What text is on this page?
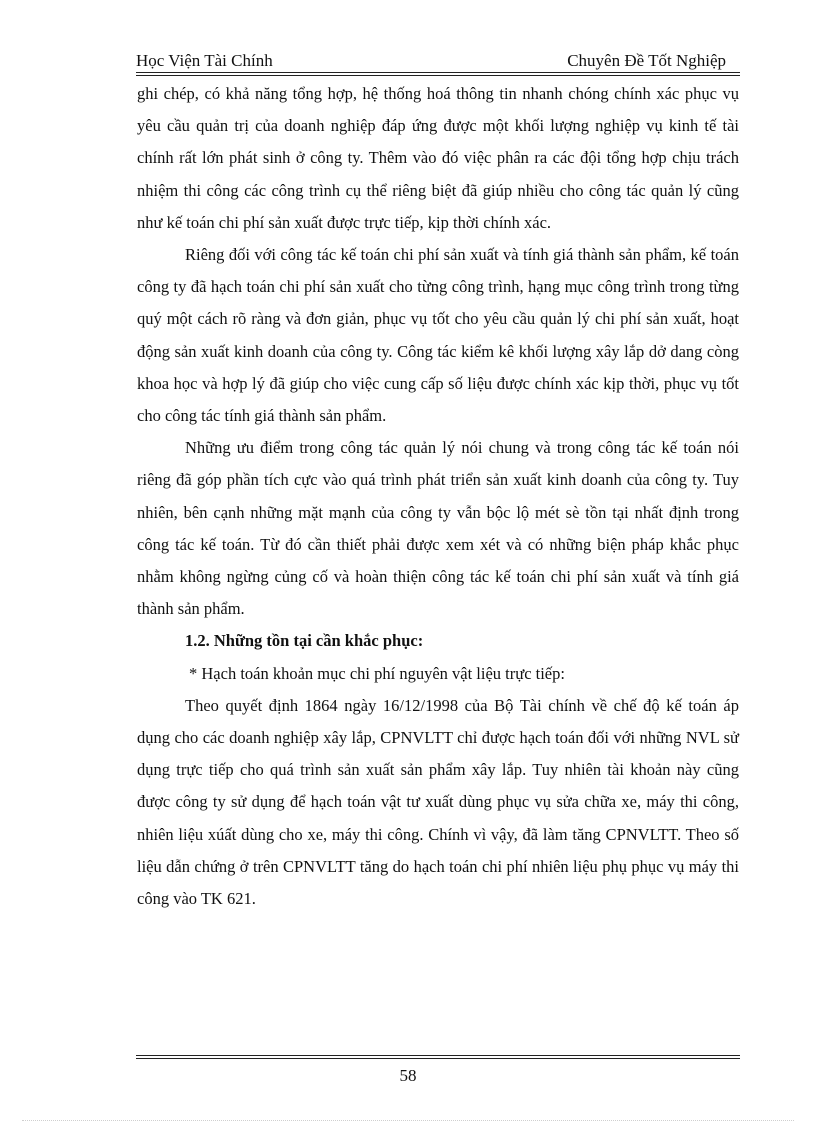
Học Viện Tài Chính	Chuyên Đề Tốt Nghiệp

ghi chép, có khả năng tổng hợp, hệ thống hoá thông tin nhanh chóng chính xác phục vụ yêu cầu quản trị của doanh nghiệp đáp ứng được một khối lượng nghiệp vụ kinh tế tài chính rất lớn phát sinh ở công ty. Thêm vào đó việc phân ra các đội tổng hợp chịu trách nhiệm thi công các công trình cụ thể riêng biệt đã giúp nhiều cho công tác quản lý cũng như kế toán chi phí sản xuất được trực tiếp, kịp thời chính xác.

Riêng đối với công tác kế toán chi phí sản xuất và tính giá thành sản phẩm, kế toán công ty đã hạch toán chi phí sản xuất cho từng công trình, hạng mục công trình trong từng quý một cách rõ ràng và đơn giản, phục vụ tốt cho yêu cầu quản lý chi phí sản xuất, hoạt động sản xuất kinh doanh của công ty. Công tác kiểm kê khối lượng xây lắp dở dang còng khoa học và hợp lý đã giúp cho việc cung cấp số liệu được chính xác kịp thời, phục vụ tốt cho công tác tính giá thành sản phẩm.

Những ưu điểm trong công tác quản lý nói chung và trong công tác kế toán nói riêng đã góp phần tích cực vào quá trình phát triển sản xuất kinh doanh của công ty. Tuy nhiên, bên cạnh những mặt mạnh của công ty vẫn bộc lộ mét sè tồn tại nhất định trong công tác kế toán. Từ đó cần thiết phải được xem xét và có những biện pháp khắc phục nhằm không ngừng củng cố và hoàn thiện công tác kế toán chi phí sản xuất và tính giá thành sản phẩm.

1.2. Những tồn tại cần khắc phục:

* Hạch toán khoản mục chi phí nguyên vật liệu trực tiếp:

Theo quyết định 1864 ngày 16/12/1998 của Bộ Tài chính về chế độ kế toán áp dụng cho các doanh nghiệp xây lắp, CPNVLTT chỉ được hạch toán đối với những NVL sử dụng trực tiếp cho quá trình sản xuất sản phẩm xây lắp. Tuy nhiên tài khoản này cũng được công ty sử dụng để hạch toán vật tư xuất dùng phục vụ sửa chữa xe, máy thi công, nhiên liệu xúất dùng cho xe, máy thi công. Chính vì vậy, đã làm tăng CPNVLTT. Theo số liệu dẫn chứng ở trên CPNVLTT tăng do hạch toán chi phí nhiên liệu phụ phục vụ máy thi công vào TK 621.

58
